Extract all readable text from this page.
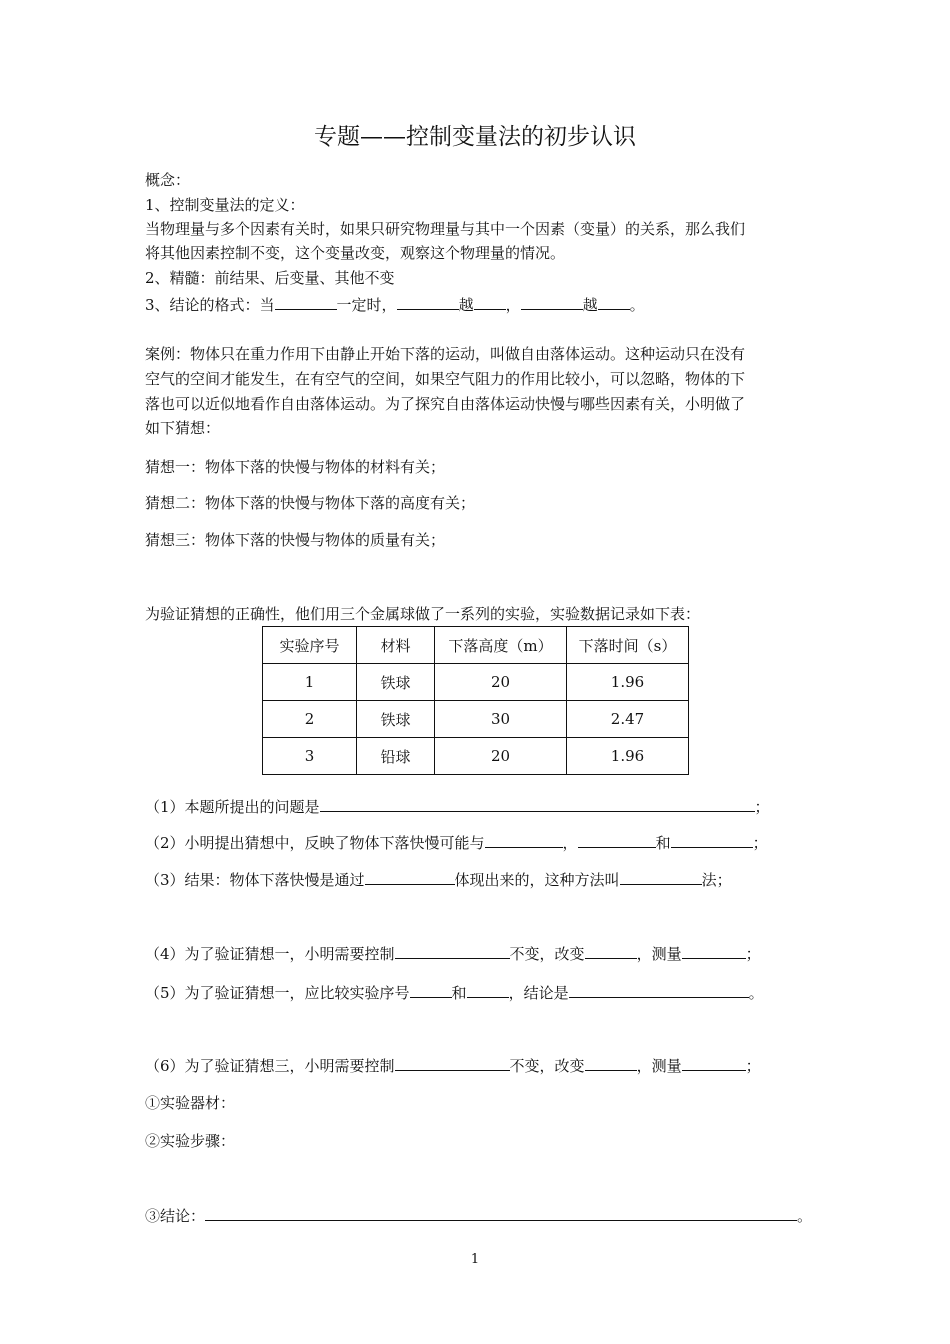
专题——控制变量法的初步认识
概念：
1、控制变量法的定义：
当物理量与多个因素有关时，如果只研究物理量与其中一个因素（变量）的关系，那么我们
将其他因素控制不变，这个变量改变，观察这个物理量的情况。
2、精髓：前结果、后变量、其他不变
3、结论的格式：当	一定时，	越 ，	越 。
案例：物体只在重力作用下由静止开始下落的运动，叫做自由落体运动。这种运动只在没有
空气的空间才能发生，在有空气的空间，如果空气阻力的作用比较小，可以忽略，物体的下
落也可以近似地看作自由落体运动。为了探究自由落体运动快慢与哪些因素有关，小明做了
如下猜想：
猜想一：物体下落的快慢与物体的材料有关；
猜想二：物体下落的快慢与物体下落的高度有关；
猜想三：物体下落的快慢与物体的质量有关；
为验证猜想的正确性，他们用三个金属球做了一系列的实验，实验数据记录如下表：
实验序号	材料	下落高度（m）	下落时间（s）
1	铁球	20	1.96
2	铁球	30	2.47
3	铅球	20	1.96
（1）本题所提出的问题是	；
（2）小明提出猜想中，反映了物体下落快慢可能与	，	和	；
（3）结果：物体下落快慢是通过	体现出来的，这种方法叫	法；
（4）为了验证猜想一，小明需要控制	不变，改变	，测量	；
（5）为了验证猜想一，应比较实验序号	和	，结论是	。
（6）为了验证猜想三，小明需要控制	不变，改变	，测量	；
①实验器材：
②实验步骤：
③结论：	。
1
